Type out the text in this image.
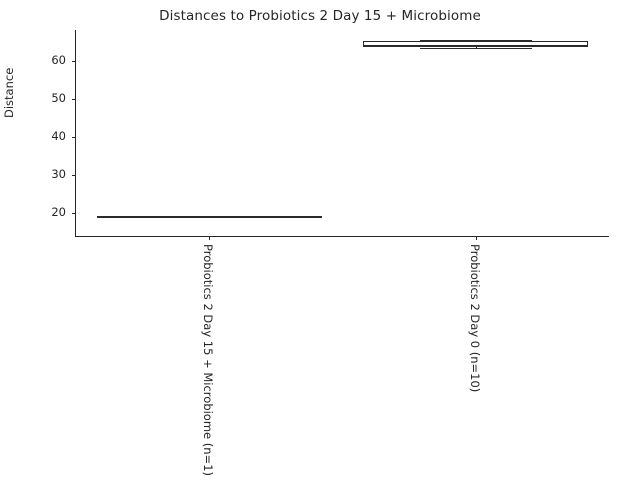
Distances to Probiotics 2 Day 15 + Microbiome
Distance
20
30
40
50
60
Probiotics 2 Day 15 + Microbiome (n=1)	Probiotics 2 Day 0 (n=10)
